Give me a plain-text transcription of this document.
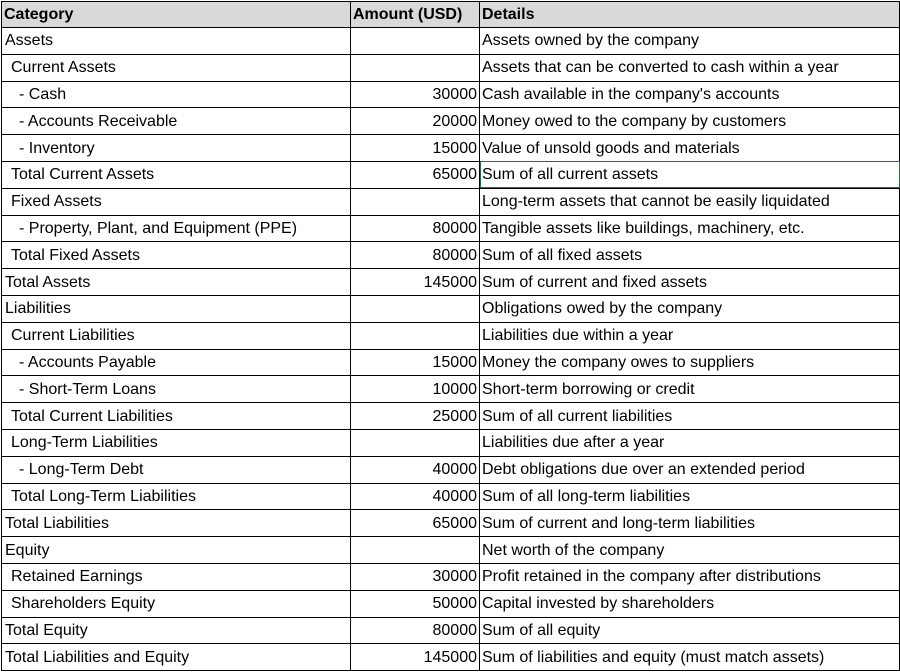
Category	Amount (USD)	Details
Assets		Assets owned by the company
Current Assets		Assets that can be converted to cash within a year
- Cash	30000	Cash available in the company's accounts
- Accounts Receivable	20000	Money owed to the company by customers
- Inventory	15000	Value of unsold goods and materials
Total Current Assets	65000	Sum of all current assets
Fixed Assets		Long-term assets that cannot be easily liquidated
- Property, Plant, and Equipment (PPE)	80000	Tangible assets like buildings, machinery, etc.
Total Fixed Assets	80000	Sum of all fixed assets
Total Assets	145000	Sum of current and fixed assets
Liabilities		Obligations owed by the company
Current Liabilities		Liabilities due within a year
- Accounts Payable	15000	Money the company owes to suppliers
- Short-Term Loans	10000	Short-term borrowing or credit
Total Current Liabilities	25000	Sum of all current liabilities
Long-Term Liabilities		Liabilities due after a year
- Long-Term Debt	40000	Debt obligations due over an extended period
Total Long-Term Liabilities	40000	Sum of all long-term liabilities
Total Liabilities	65000	Sum of current and long-term liabilities
Equity		Net worth of the company
Retained Earnings	30000	Profit retained in the company after distributions
Shareholders Equity	50000	Capital invested by shareholders
Total Equity	80000	Sum of all equity
Total Liabilities and Equity	145000	Sum of liabilities and equity (must match assets)
